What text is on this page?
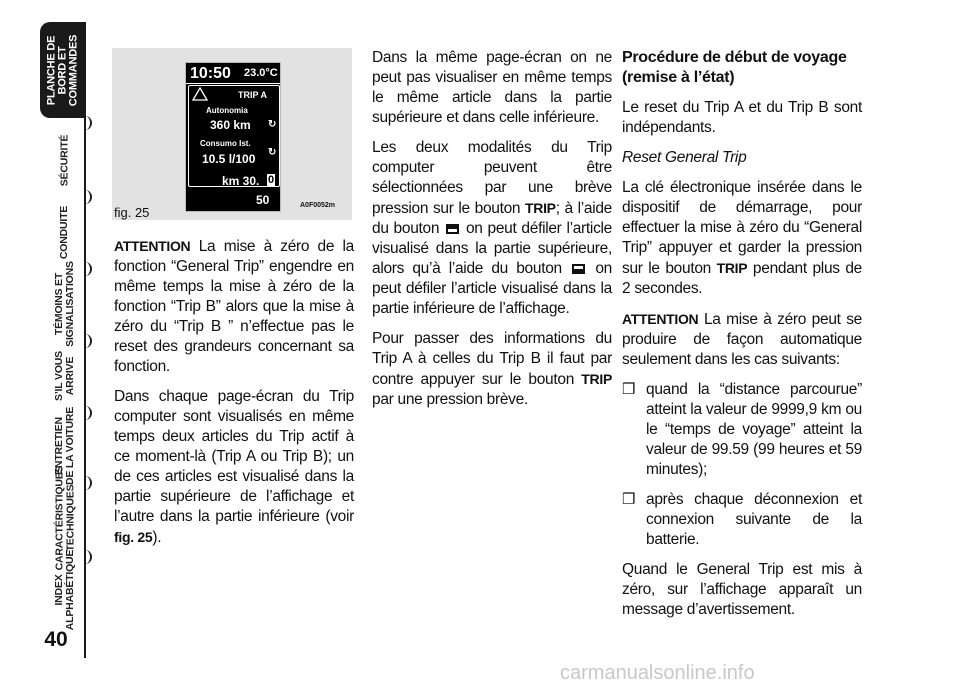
PLANCHE DE BORD ET COMMANDES
SÉCURITÉ
CONDUITE
TÉMOINS ET SIGNALISATIONS
S’IL VOUS ARRIVE
ENTRETIEN DE LA VOITURE
CARACTÉRISTIQUES TECHNIQUES
INDEX ALPHABÉTIQUE
40
10:50 23.0°C
TRIP A
Autonomia
360 km ↻
Consumo Ist.
10.5 l/100 ↻
km 30. 0
50
fig. 25	A0F0052m

ATTENTION La mise à zéro de la fonction “General Trip” engendre en même temps la mise à zéro de la fonction “Trip B” alors que la mise à zéro du “Trip B ” n’effectue pas le reset des grandeurs concernant sa fonction.

Dans chaque page-écran du Trip computer sont visualisés en même temps deux articles du Trip actif à ce moment-là (Trip A ou Trip B); un de ces articles est visualisé dans la partie supérieure de l’affichage et l’autre dans la partie inférieure (voir fig. 25).

Dans la même page-écran on ne peut pas visualiser en même temps le même article dans la partie supérieure et dans celle inférieure.

Les deux modalités du Trip computer peuvent être sélectionnées par une brève pression sur le bouton TRIP; à l’aide du bouton  on peut défiler l’article visualisé dans la partie supérieure, alors qu’à l’aide du bouton  on peut défiler l’article visualisé dans la partie inférieure de l’affichage.

Pour passer des informations du Trip A à celles du Trip B il faut par contre appuyer sur le bouton TRIP par une pression brève.

Procédure de début de voyage (remise à l’état)

Le reset du Trip A et du Trip B sont indépendants.

Reset General Trip

La clé électronique insérée dans le dispositif de démarrage, pour effectuer la mise à zéro du “General Trip” appuyer et garder la pression sur le bouton TRIP pendant plus de 2 secondes.

ATTENTION La mise à zéro peut se produire de façon automatique seulement dans les cas suivants:

❒ quand la “distance parcourue” atteint la valeur de 9999,9 km ou le “temps de voyage” atteint la valeur de 99.59 (99 heures et 59 minutes);
❒ après chaque déconnexion et connexion suivante de la batterie.

Quand le General Trip est mis à zéro, sur l’affichage apparaît un message d’avertissement.

carmanualsonline.info
